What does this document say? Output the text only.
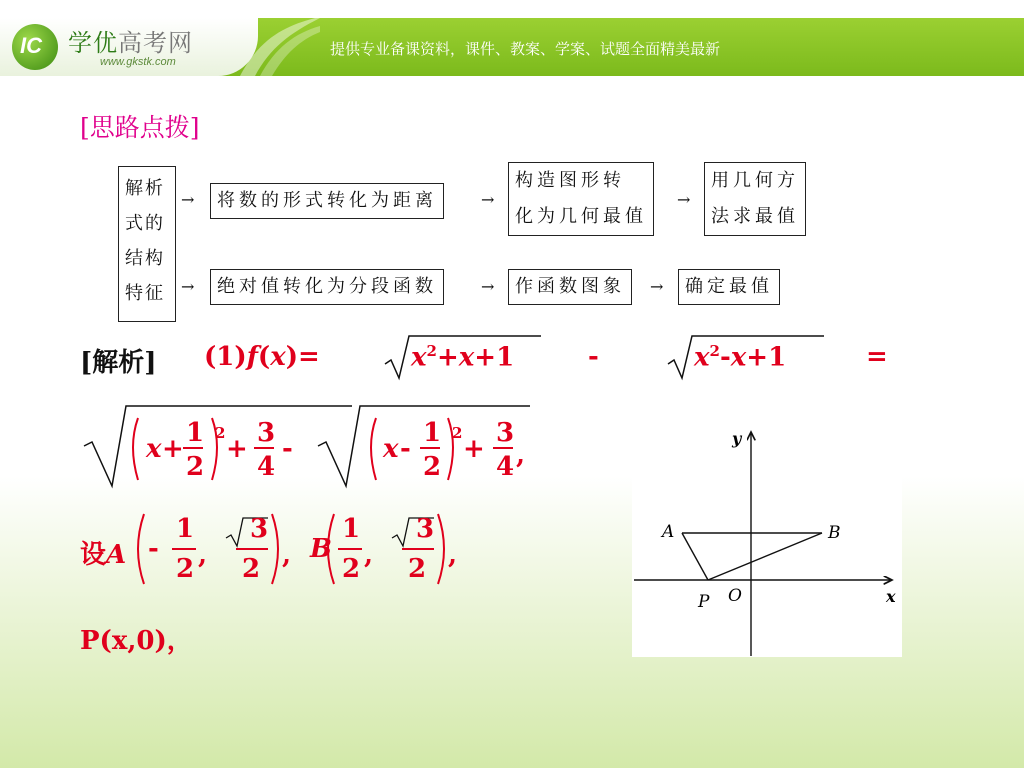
IC 学优高考网
www.gkstk.com
提供专业备课资料，课件、教案、学案、试题全面精美最新
[思路点拨]
解析
式的
结构
特征
→	将数的形式转化为距离	→
构造图形转
化为几何最值
→
用几何方
法求最值
→	绝对值转化为分段函数	→	作函数图象	→	确定最值
[解析] (1)f(x)=	$x^2+x+1$	-	$x^2-x+1$	=
x +
1
2
2
+
3
4
-	x -
1
2
2
+
3
4 ,
设A -
1
2 ,
3
2 , B
1
2 ,
3
2 ,
P(x,0)，
y
x
A	B
O
P
